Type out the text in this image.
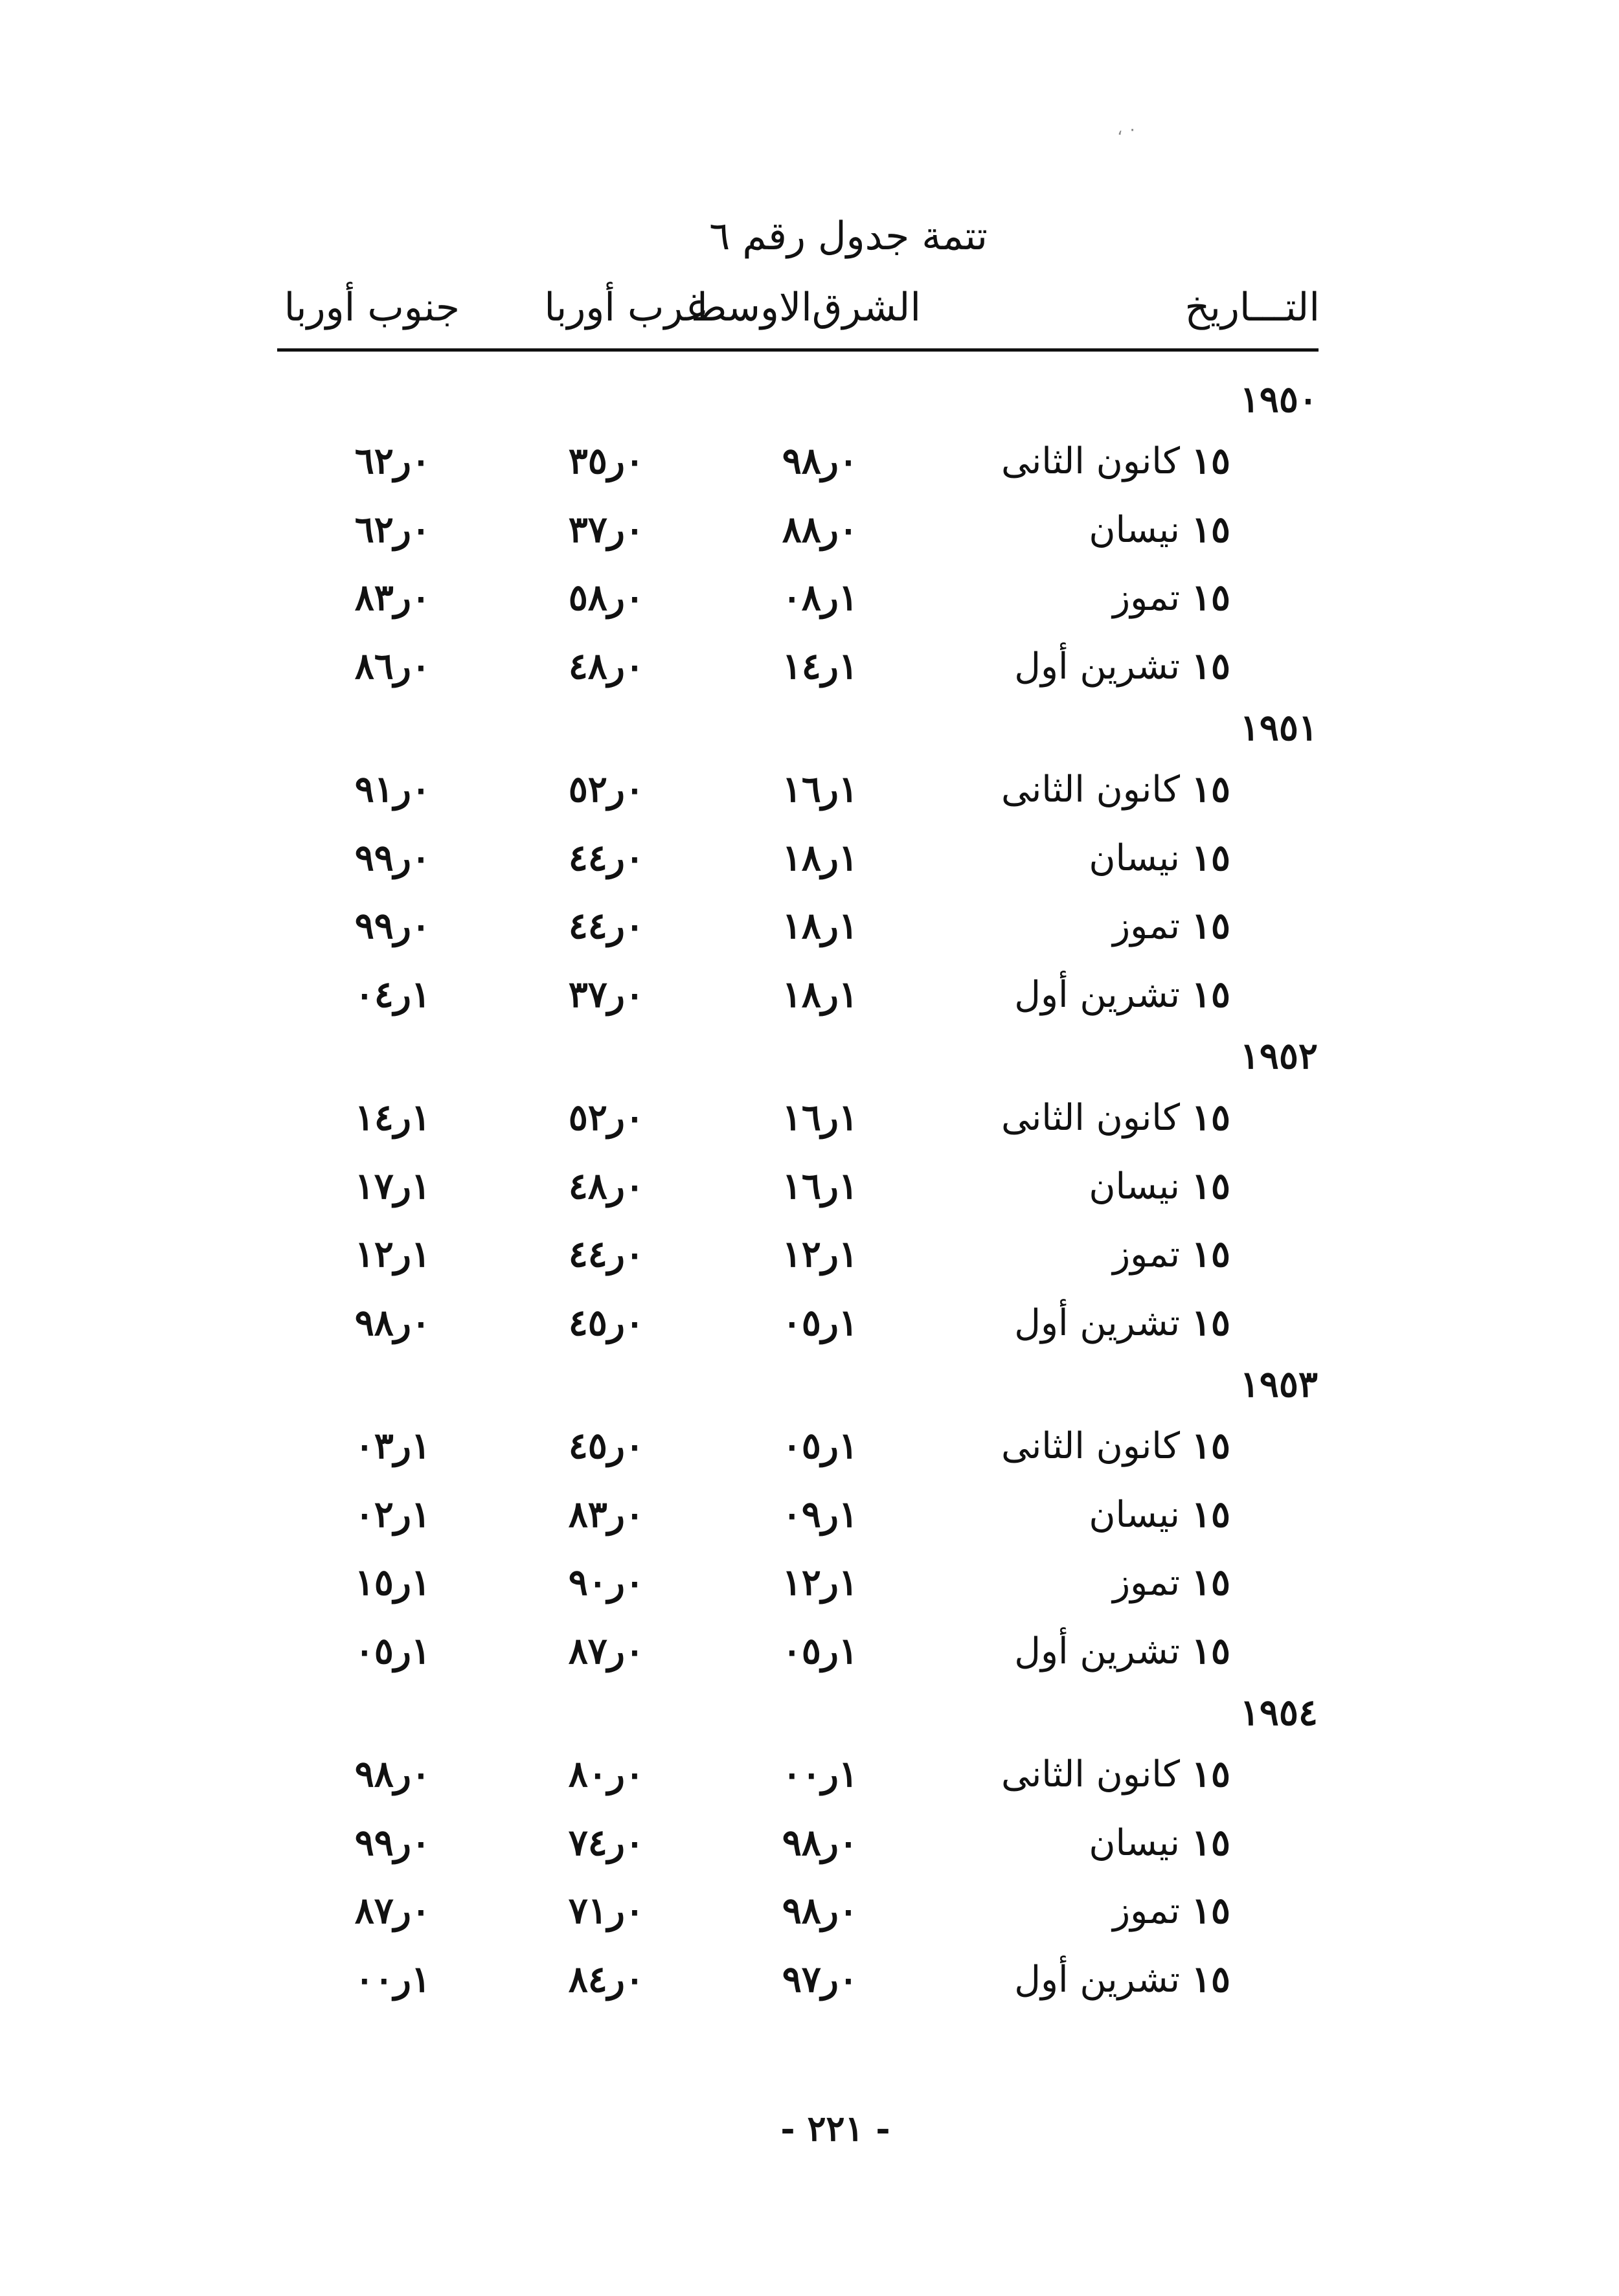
، ٠
تتمة جدول رقم ٦
التـــاريخ
الشرق‌الاوسط
غرب أوربا
جنوب أوربا
١٩٥٠
١٥ كانون الثانى
٠ر٩٨
٠ر٣٥
٠ر٦٢
١٥ نيسان
٠ر٨٨
٠ر٣٧
٠ر٦٢
١٥ تموز
١ر٠٨
٠ر٥٨
٠ر٨٣
١٥ تشرين أول
١ر١٤
٠ر٤٨
٠ر٨٦
١٩٥١
١٥ كانون الثانى
١ر١٦
٠ر٥٢
٠ر٩١
١٥ نيسان
١ر١٨
٠ر٤٤
٠ر٩٩
١٥ تموز
١ر١٨
٠ر٤٤
٠ر٩٩
١٥ تشرين أول
١ر١٨
٠ر٣٧
١ر٠٤
١٩٥٢
١٥ كانون الثانى
١ر١٦
٠ر٥٢
١ر١٤
١٥ نيسان
١ر١٦
٠ر٤٨
١ر١٧
١٥ تموز
١ر١٢
٠ر٤٤
١ر١٢
١٥ تشرين أول
١ر٠٥
٠ر٤٥
٠ر٩٨
١٩٥٣
١٥ كانون الثانى
١ر٠٥
٠ر٤٥
١ر٠٣
١٥ نيسان
١ر٠٩
٠ر٨٣
١ر٠٢
١٥ تموز
١ر١٢
٠ر٩٠
١ر١٥
١٥ تشرين أول
١ر٠٥
٠ر٨٧
١ر٠٥
١٩٥٤
١٥ كانون الثانى
١ر٠٠
٠ر٨٠
٠ر٩٨
١٥ نيسان
٠ر٩٨
٠ر٧٤
٠ر٩٩
١٥ تموز
٠ر٩٨
٠ر٧١
٠ر٨٧
١٥ تشرين أول
٠ر٩٧
٠ر٨٤
١ر٠٠
- ٢٢١ -
